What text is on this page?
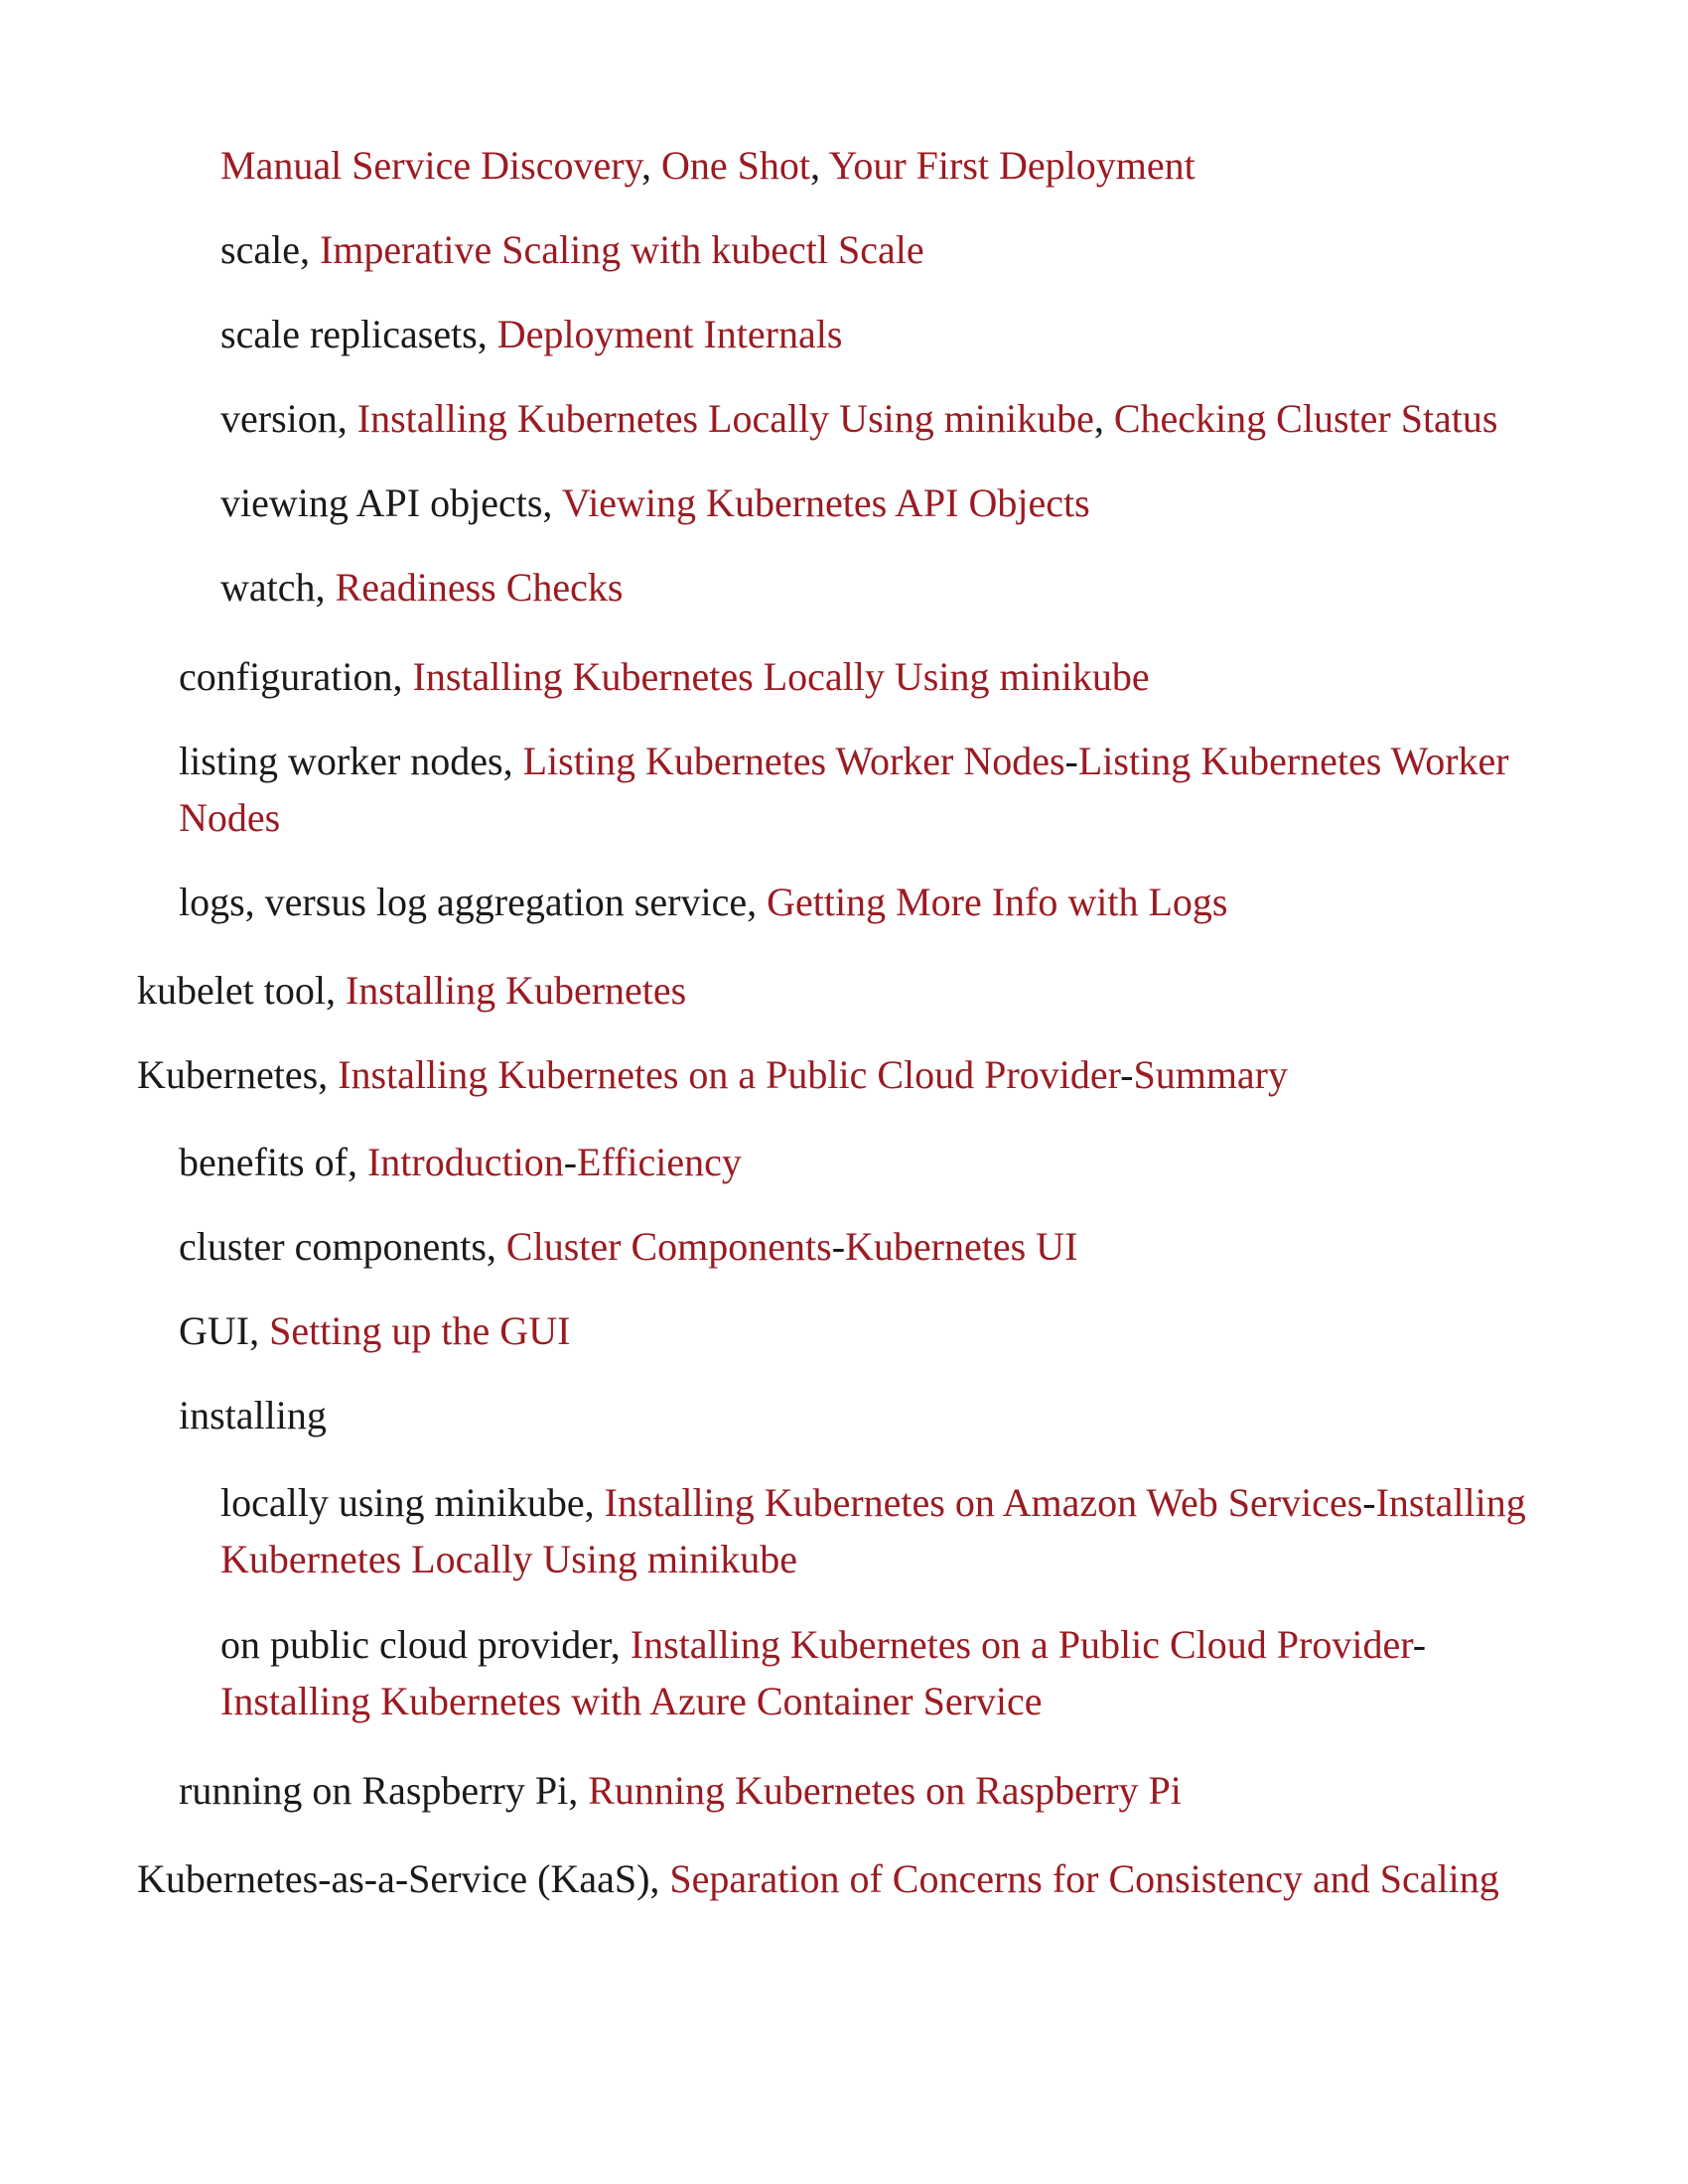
Manual Service Discovery, One Shot, Your First Deployment

scale, Imperative Scaling with kubectl Scale

scale replicasets, Deployment Internals

version, Installing Kubernetes Locally Using minikube, Checking Cluster Status

viewing API objects, Viewing Kubernetes API Objects

watch, Readiness Checks

configuration, Installing Kubernetes Locally Using minikube

listing worker nodes, Listing Kubernetes Worker Nodes-Listing Kubernetes Worker Nodes

logs, versus log aggregation service, Getting More Info with Logs

kubelet tool, Installing Kubernetes

Kubernetes, Installing Kubernetes on a Public Cloud Provider-Summary

benefits of, Introduction-Efficiency

cluster components, Cluster Components-Kubernetes UI

GUI, Setting up the GUI

installing

locally using minikube, Installing Kubernetes on Amazon Web Services-Installing Kubernetes Locally Using minikube

on public cloud provider, Installing Kubernetes on a Public Cloud Provider-Installing Kubernetes with Azure Container Service

running on Raspberry Pi, Running Kubernetes on Raspberry Pi

Kubernetes-as-a-Service (KaaS), Separation of Concerns for Consistency and Scaling
